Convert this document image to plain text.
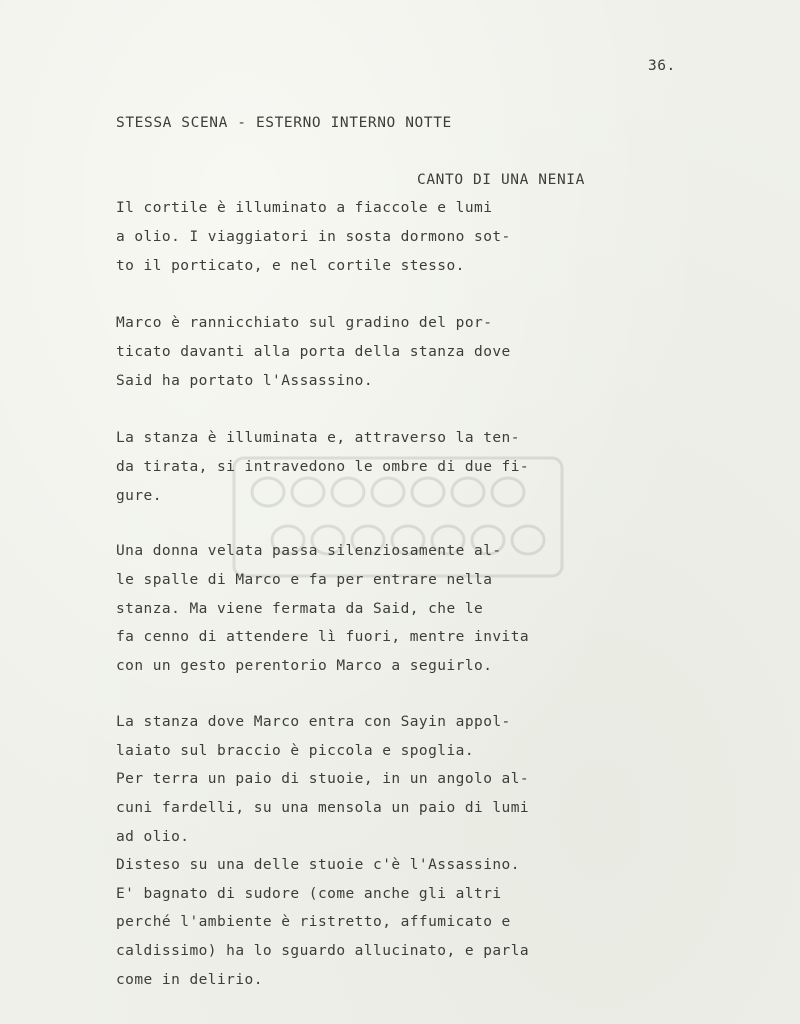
36.
STESSA SCENA - ESTERNO INTERNO NOTTE
CANTO DI UNA NENIA
Il cortile è illuminato a fiaccole e lumi
a olio. I viaggiatori in sosta dormono sot-
to il porticato, e nel cortile stesso.
Marco è rannicchiato sul gradino del por-
ticato davanti alla porta della stanza dove
Said ha portato l'Assassino.
La stanza è illuminata e, attraverso la ten-
da tirata, si intravedono le ombre di due fi-
gure.
Una donna velata passa silenziosamente al-
le spalle di Marco e fa per entrare nella
stanza. Ma viene fermata da Said, che le
fa cenno di attendere lì fuori, mentre invita
con un gesto perentorio Marco a seguirlo.
La stanza dove Marco entra con Sayin appol-
laiato sul braccio è piccola e spoglia.
Per terra un paio di stuoie, in un angolo al-
cuni fardelli, su una mensola un paio di lumi
ad olio.
Disteso su una delle stuoie c'è l'Assassino.
E' bagnato di sudore (come anche gli altri
perché l'ambiente è ristretto, affumicato e
caldissimo) ha lo sguardo allucinato, e parla
come in delirio.
